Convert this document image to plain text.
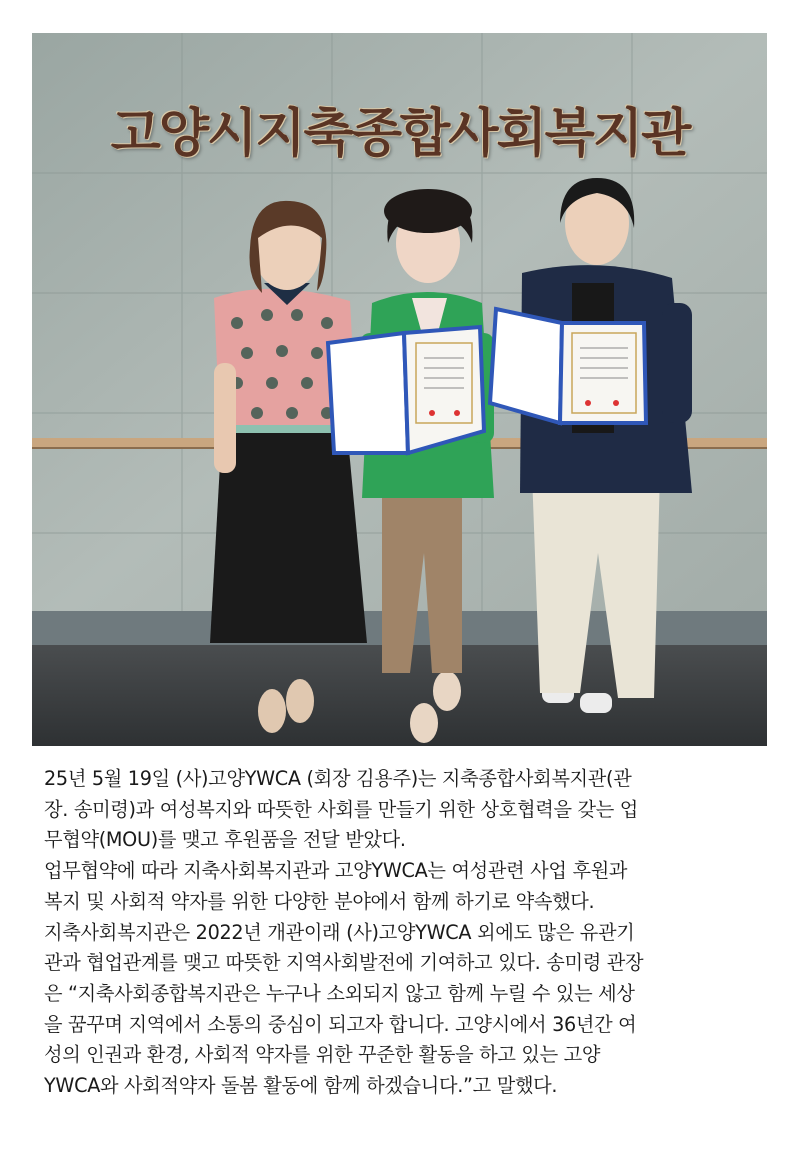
고양시지축종합사회복지관

25년 5월 19일 (사)고양YWCA (회장 김용주)는 지축종합사회복지관(관

장. 송미령)과 여성복지와 따뜻한 사회를 만들기 위한 상호협력을 갖는 업

무협약(MOU)를 맺고 후원품을 전달 받았다.

업무협약에 따라 지축사회복지관과 고양YWCA는 여성관련 사업 후원과

복지 및 사회적 약자를 위한 다양한 분야에서 함께 하기로 약속했다.

지축사회복지관은 2022년 개관이래 (사)고양YWCA 외에도 많은 유관기

관과 협업관계를 맺고 따뜻한 지역사회발전에 기여하고 있다. 송미령 관장

은 “지축사회종합복지관은 누구나 소외되지 않고 함께 누릴 수 있는 세상

을 꿈꾸며 지역에서 소통의 중심이 되고자 합니다. 고양시에서 36년간 여

성의 인권과 환경, 사회적 약자를 위한 꾸준한 활동을 하고 있는 고양

YWCA와 사회적약자 돌봄 활동에 함께 하겠습니다.”고 말했다.
